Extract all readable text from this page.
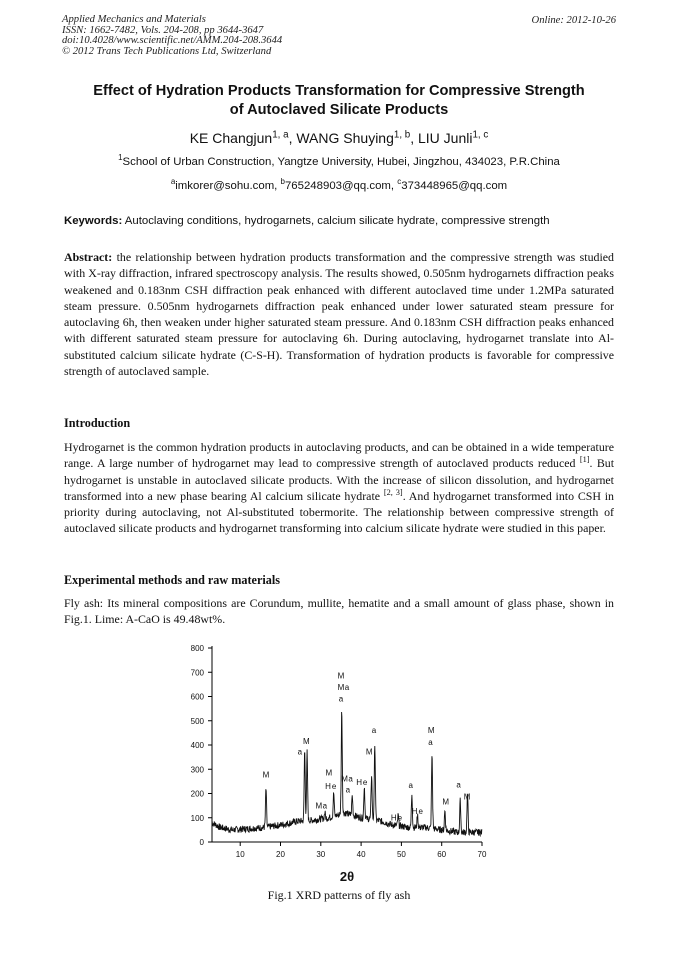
Applied Mechanics and Materials
ISSN: 1662-7482, Vols. 204-208, pp 3644-3647
doi:10.4028/www.scientific.net/AMM.204-208.3644
© 2012 Trans Tech Publications Ltd, Switzerland
Online: 2012-10-26
Effect of Hydration Products Transformation for Compressive Strength
of Autoclaved Silicate Products
KE Changjun$^{1, a}$, WANG Shuying$^{1, b}$, LIU Junli$^{1, c}$
$^1$School of Urban Construction, Yangtze University, Hubei, Jingzhou, 434023, P.R.China
$^a$imkorer@sohu.com, $^b$765248903@qq.com, $^c$373448965@qq.com
Keywords: Autoclaving conditions, hydrogarnets, calcium silicate hydrate, compressive strength
Abstract: the relationship between hydration products transformation and the compressive strength was studied with X-ray diffraction, infrared spectroscopy analysis. The results showed, 0.505nm hydrogarnets diffraction peaks weakened and 0.183nm CSH diffraction peak enhanced with different autoclaved time under 1.2MPa saturated steam pressure. 0.505nm hydrogarnets diffraction peak enhanced under lower saturated steam pressure for autoclaving 6h, then weaken under higher saturated steam pressure. And 0.183nm CSH diffraction peaks enhanced with different saturated steam pressure for autoclaving 6h. During autoclaving, hydrogarnet translate into Al-substituted calcium silicate hydrate (C-S-H). Transformation of hydration products is favorable for compressive strength of autoclaved sample.
Introduction
Hydrogarnet is the common hydration products in autoclaving products, and can be obtained in a wide temperature range. A large number of hydrogarnet may lead to compressive strength of autoclaved products reduced [1]. But hydrogarnet is unstable in autoclaved silicate products. With the increase of silicon dissolution, and hydrogarnet transformed into a new phase bearing Al calcium silicate hydrate [2, 3]. And hydrogarnet transformed into CSH in priority during autoclaving, not Al-substituted tobermorite. The relationship between compressive strength of autoclaved silicate products and hydrogarnet transforming into calcium silicate hydrate were studied in this paper.
Experimental methods and raw materials
Fly ash: Its mineral compositions are Corundum, mullite, hematite and a small amount of glass phase, shown in Fig.1. Lime: A-CaO is 49.48wt%.
0
100
200
300
400
500
600
700
800
10	20	30	40	50	60	70
2θ
M
a
M
M
M a
a
M
H e
M a
M a
a
H e
M
a
H e
a
H e
M
a
M
a
M
Fig.1 XRD patterns of fly ash
